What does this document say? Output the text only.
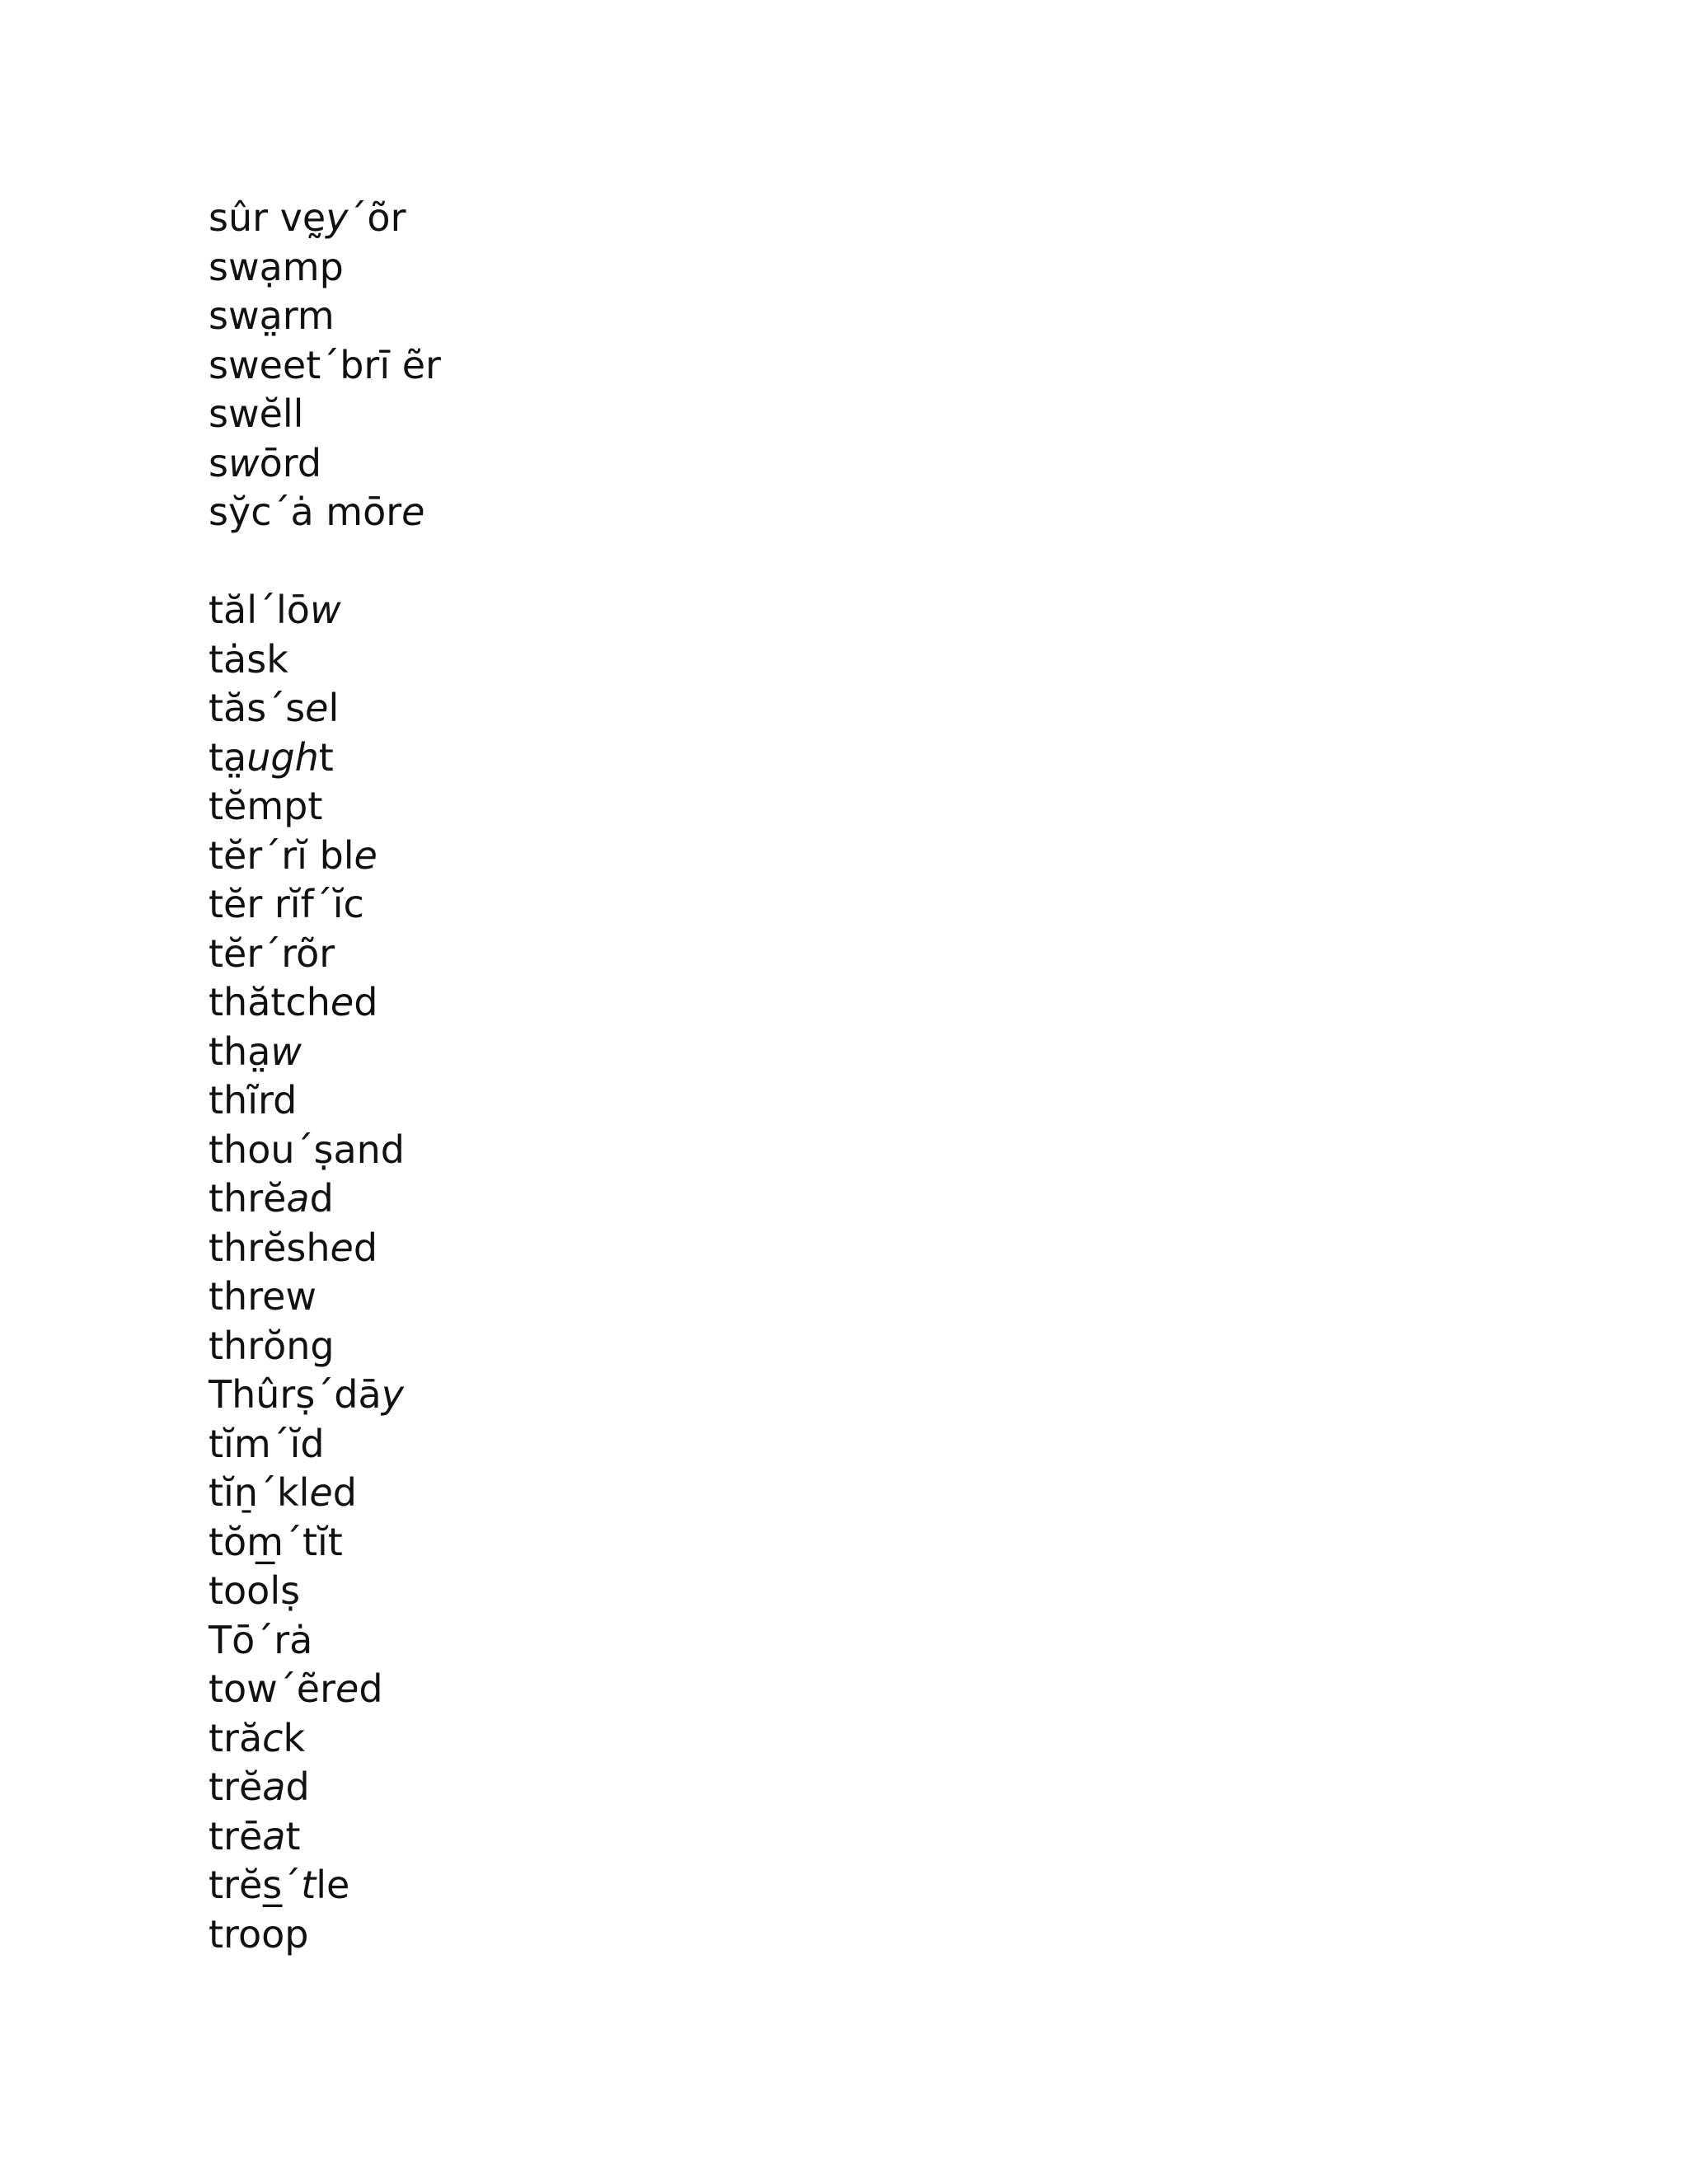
sûr vḛy´õr
swạmp
swa̤rm
sweet´brī ẽr
swĕll
swōrd
sy̆c´ȧ mōre
tăl´lōw
tȧsk
tăs´sel
ta̤ught
tĕmpt
tĕr´rĭ ble
tĕr rĭf´ĭc
tĕr´rõr
thătched
tha̤w
thĩrd
thou´ṣand
thrĕad
thrĕshed
threw
thrŏng
Thûrṣ´dāy
tĭm´ĭd
tĭn̠´kled
tŏm̲´tĭt
toolṣ
Tō´rȧ
tow´ẽred
trăck
trĕad
trēat
trĕs̲´tle
troop
